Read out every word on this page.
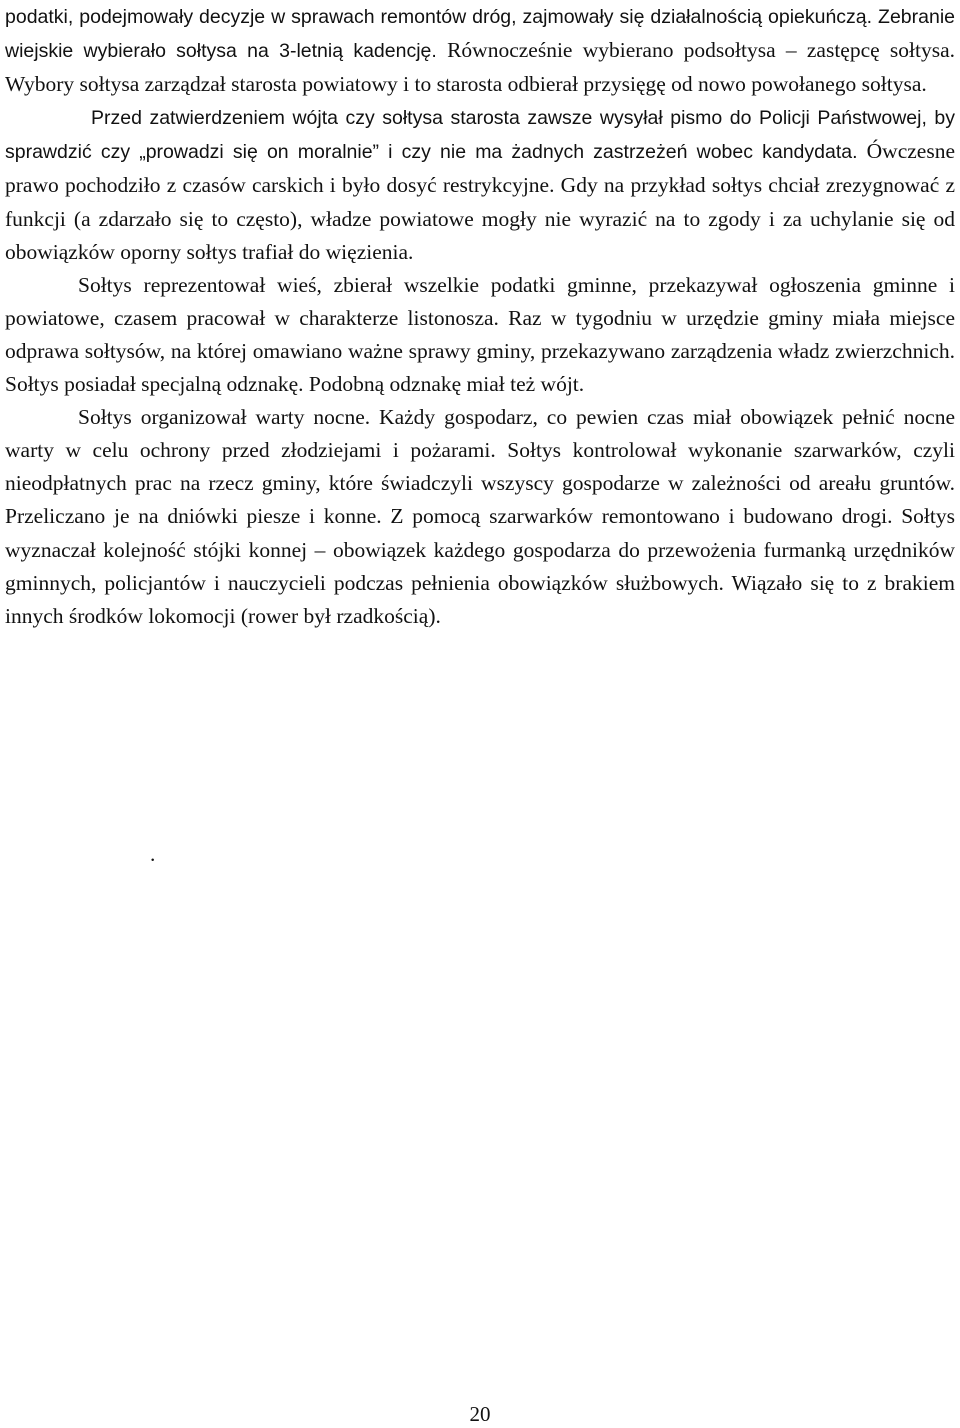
podatki, podejmowały decyzje w sprawach remontów dróg, zajmowały się działalnością opiekuńczą. Zebranie wiejskie wybierało sołtysa na 3-letnią kadencję. Równocześnie wybierano podsołtysa – zastępcę sołtysa. Wybory sołtysa zarządzał starosta powiatowy i to starosta odbierał przysięgę od nowo powołanego sołtysa.

Przed zatwierdzeniem wójta czy sołtysa starosta zawsze wysyłał pismo do Policji Państwowej, by sprawdzić czy „prowadzi się on moralnie” i czy nie ma żadnych zastrzeżeń wobec kandydata. Ówczesne prawo pochodziło z czasów carskich i było dosyć restrykcyjne. Gdy na przykład sołtys chciał zrezygnować z funkcji (a zdarzało się to często), władze powiatowe mogły nie wyrazić na to zgody i za uchylanie się od obowiązków oporny sołtys trafiał do więzienia.

Sołtys reprezentował wieś, zbierał wszelkie podatki gminne, przekazywał ogłoszenia gminne i powiatowe, czasem pracował w charakterze listonosza. Raz w tygodniu w urzędzie gminy miała miejsce odprawa sołtysów, na której omawiano ważne sprawy gminy, przekazywano zarządzenia władz zwierzchnich. Sołtys posiadał specjalną odznakę. Podobną odznakę miał też wójt.

Sołtys organizował warty nocne. Każdy gospodarz, co pewien czas miał obowiązek pełnić nocne warty w celu ochrony przed złodziejami i pożarami. Sołtys kontrolował wykonanie szarwarków, czyli nieodpłatnych prac na rzecz gminy, które świadczyli wszyscy gospodarze w zależności od areału gruntów. Przeliczano je na dniówki piesze i konne. Z pomocą szarwarków remontowano i budowano drogi. Sołtys wyznaczał kolejność stójki konnej – obowiązek każdego gospodarza do przewożenia furmanką urzędników gminnych, policjantów i nauczycieli podczas pełnienia obowiązków służbowych. Wiązało się to z brakiem innych środków lokomocji (rower był rzadkością).

.
20
